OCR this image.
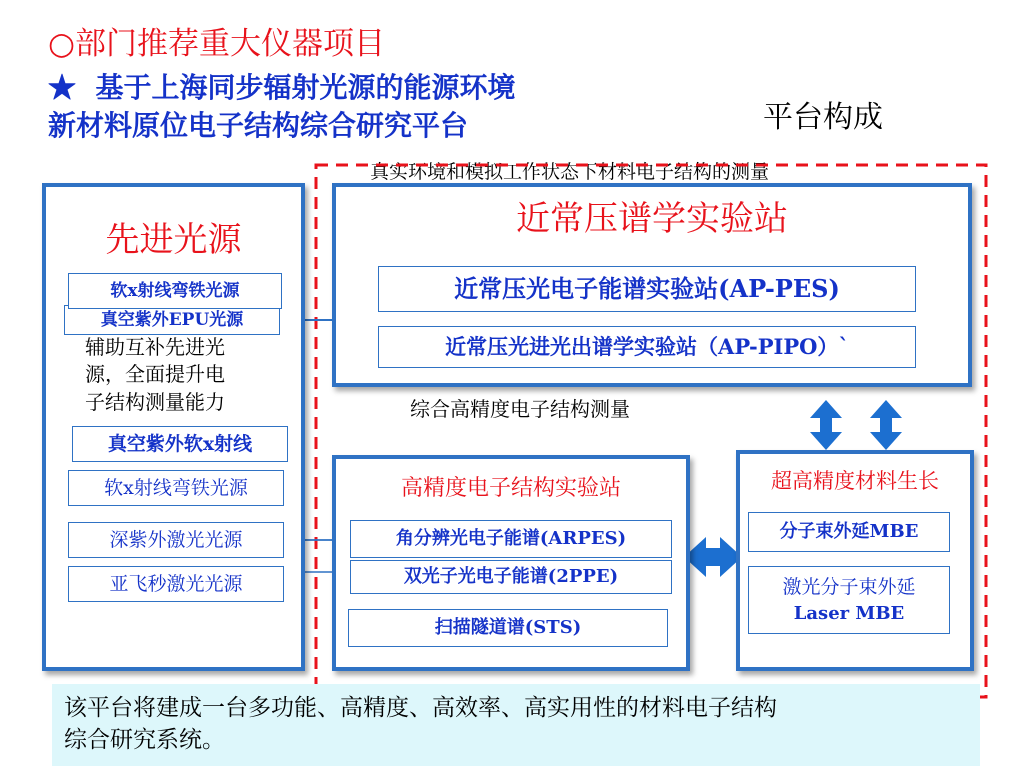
○部门推荐重大仪器项目
★  基于上海同步辐射光源的能源环境
新材料原位电子结构综合研究平台	平台构成
真实环境和模拟工作状态下材料电子结构的测量
先进光源
真空紫外EPU光源
软x射线弯铁光源
辅助互补先进光
源，全面提升电
子结构测量能力
真空紫外软x射线
软x射线弯铁光源
深紫外激光光源
亚飞秒激光光源
近常压谱学实验站
近常压光电子能谱实验站(AP-PES)
近常压光进光出谱学实验站（AP-PIPO）`
综合高精度电子结构测量
高精度电子结构实验站
角分辨光电子能谱(ARPES)
双光子光电子能谱(2PPE)
扫描隧道谱(STS)
超高精度材料生长
分子束外延MBE
激光分子束外延
Laser MBE
该平台将建成一台多功能、高精度、高效率、高实用性的材料电子结构
综合研究系统。
